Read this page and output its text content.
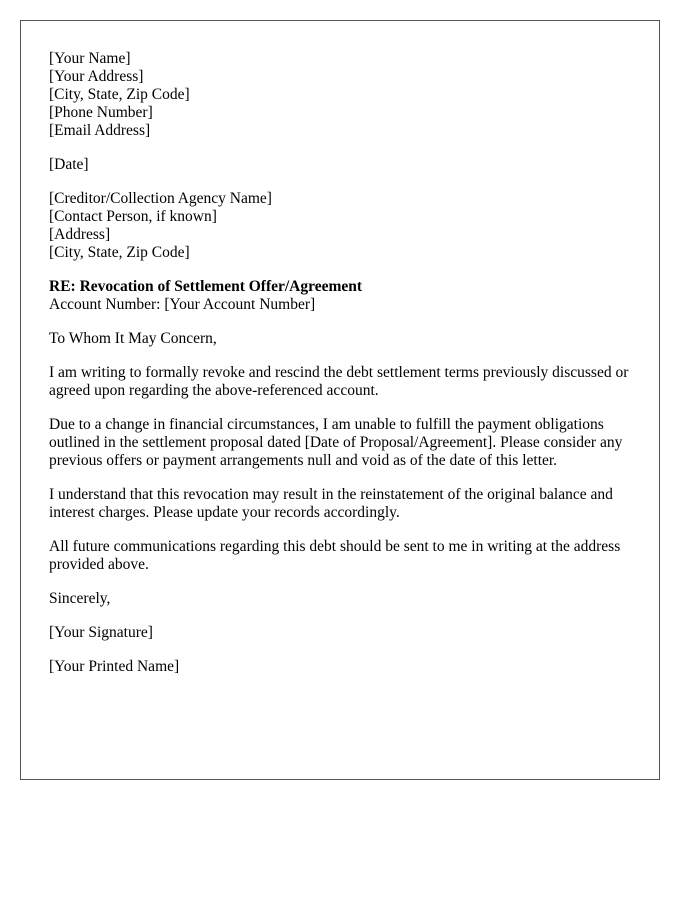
[Your Name]
[Your Address]
[City, State, Zip Code]
[Phone Number]
[Email Address]
[Date]
[Creditor/Collection Agency Name]
[Contact Person, if known]
[Address]
[City, State, Zip Code]
RE: Revocation of Settlement Offer/Agreement
Account Number: [Your Account Number]

To Whom It May Concern,

I am writing to formally revoke and rescind the debt settlement terms previously discussed or agreed upon regarding the above-referenced account.

Due to a change in financial circumstances, I am unable to fulfill the payment obligations outlined in the settlement proposal dated [Date of Proposal/Agreement]. Please consider any previous offers or payment arrangements null and void as of the date of this letter.

I understand that this revocation may result in the reinstatement of the original balance and interest charges. Please update your records accordingly.

All future communications regarding this debt should be sent to me in writing at the address provided above.

Sincerely,

[Your Signature]

[Your Printed Name]
